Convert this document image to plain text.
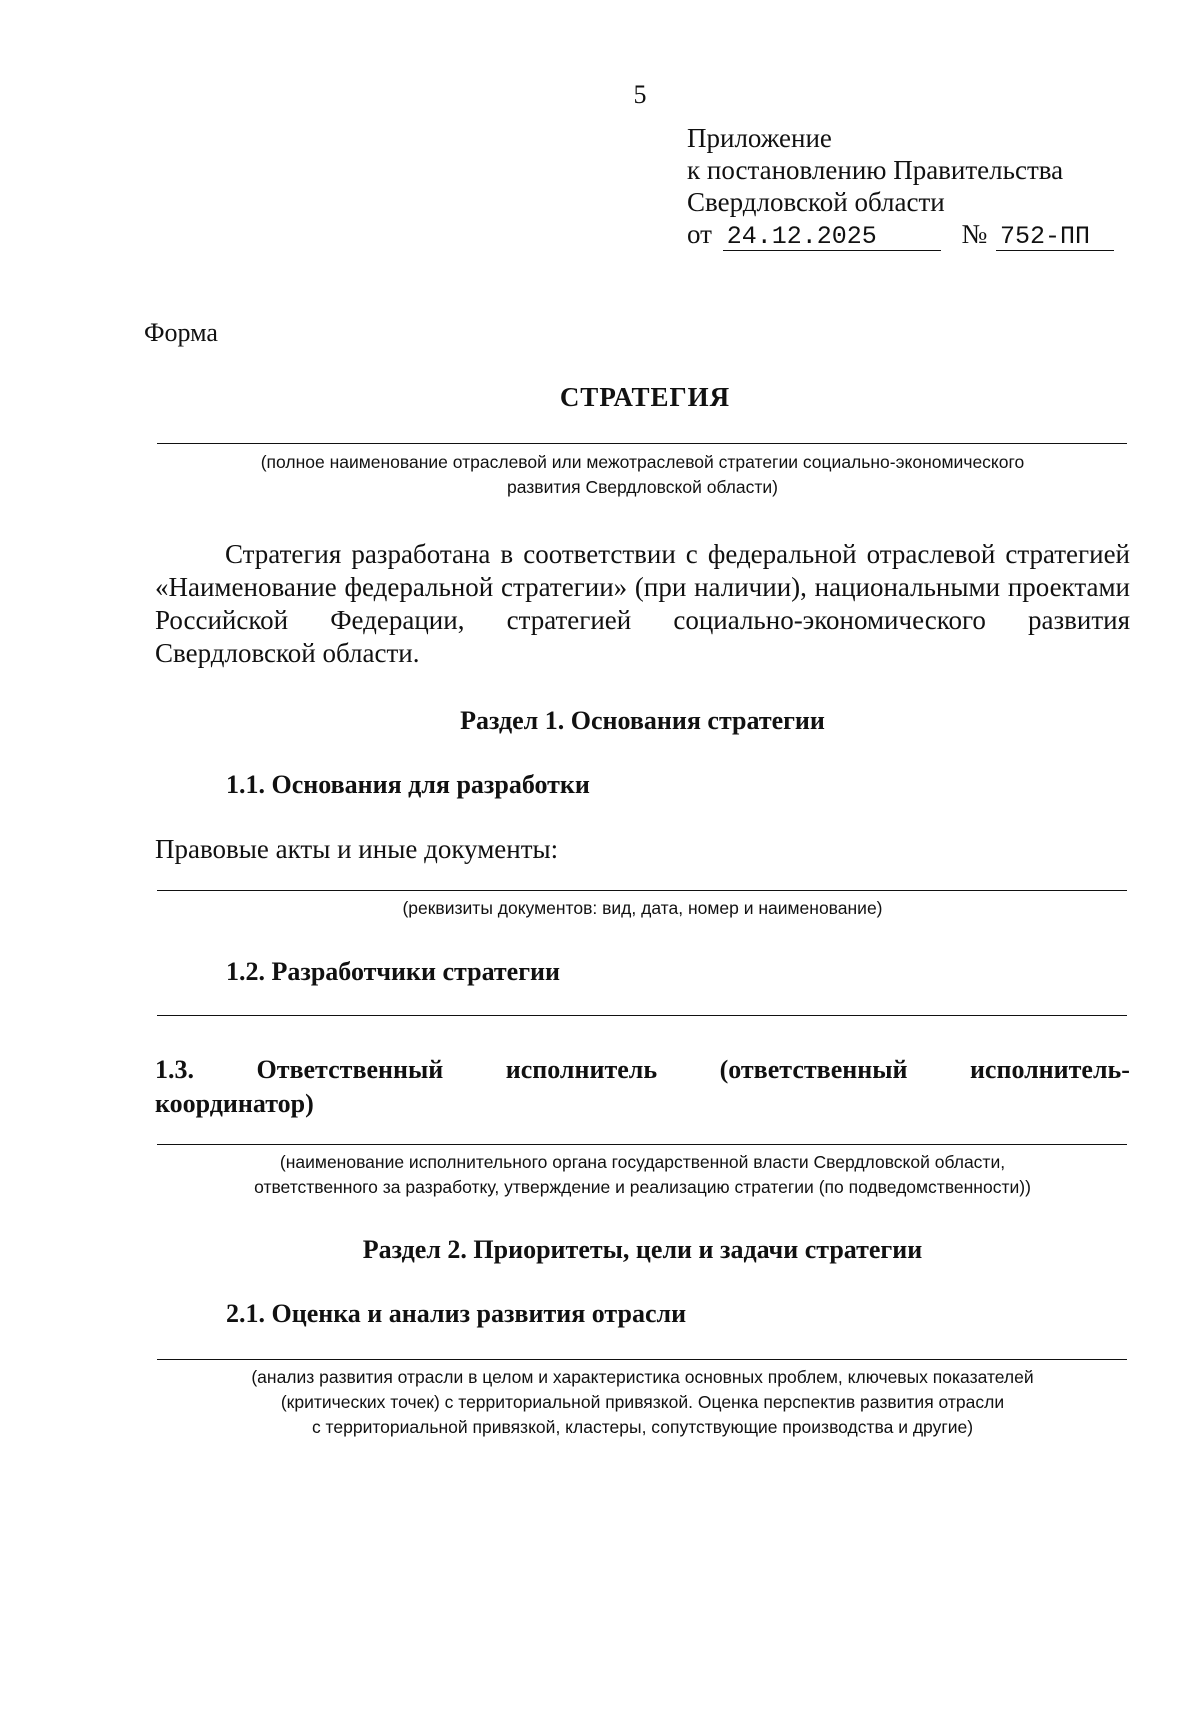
5
Приложение
к постановлению Правительства
Свердловской области
от 24.12.2025	№ 752-ПП
Форма
СТРАТЕГИЯ
(полное наименование отраслевой или межотраслевой стратегии социально-экономического
развития Свердловской области)
Стратегия разработана в соответствии с федеральной отраслевой стратегией «Наименование федеральной стратегии» (при наличии), национальными проектами Российской Федерации, стратегией социально-экономического развития Свердловской области.
Раздел 1. Основания стратегии
1.1. Основания для разработки
Правовые акты и иные документы:
(реквизиты документов: вид, дата, номер и наименование)
1.2. Разработчики стратегии
1.3. Ответственный исполнитель (ответственный исполнитель-
координатор)
(наименование исполнительного органа государственной власти Свердловской области,
ответственного за разработку, утверждение и реализацию стратегии (по подведомственности))
Раздел 2. Приоритеты, цели и задачи стратегии
2.1. Оценка и анализ развития отрасли
(анализ развития отрасли в целом и характеристика основных проблем, ключевых показателей
(критических точек) с территориальной привязкой. Оценка перспектив развития отрасли
с территориальной привязкой, кластеры, сопутствующие производства и другие)
